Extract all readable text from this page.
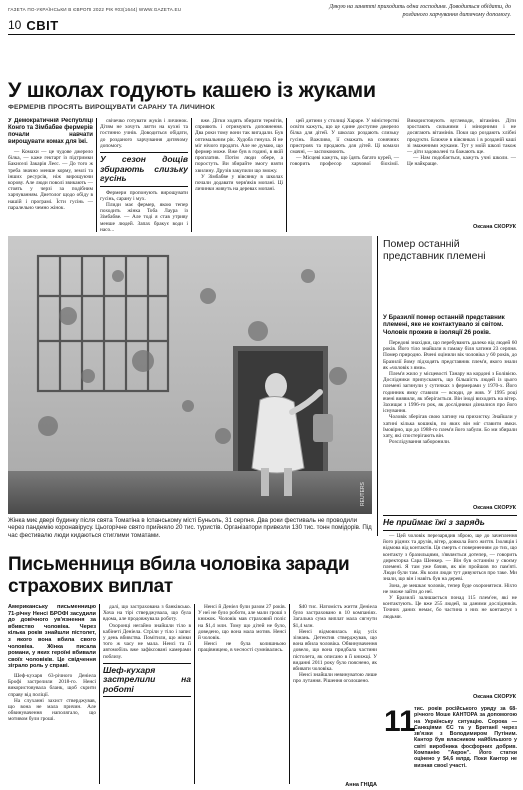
ГАЗЕТА ПО-УКРАЇНСЬКИ В ЄВРОПІ 2022 РІК #03(1644) WWW.GAZETA.EU	Дякую на занятті приходить одна господиня. Доводиться обідати, до розданого харчування дитячому допомогу.
10 СВІТ
У школах годують кашею із жуками
ФЕРМЕРІВ ПРОСЯТЬ ВИРОЩУВАТИ САРАНУ ТА ЛИЧИНОК
У Демократичній Республіці Конго та Зімбабве фермерів почали навчати вирощувати комах для їжі.

— Комахи — це чудове джерело білка, — каже гектарт із підтримки Бакиселі Закарія Леєс. — До того ж треба значно менше корму, землі та інших ресурсів, ніж вирощуючи корову. Але люди поволі звикають — стоять у черзі за подібним харчуванням. Диетолог щодо обіду в нашій і програмі. Їсти гусінь — паралельно чемно жінок.

свічечко готувати жуків і личинок. Дітям не хочуть лягти на кухні та гостинно учнів. Доводиться обідати, до розданого харчування дитячому допомогу.

У сезон дощів збирають слизьку гусінь

Фермери пропонують вирощувати гусінь, сарану і мух.

Плиди має фермер, якою тепер походить жінка Тоба Лаура із Зімбабве. — Але тоді я став утриву менше людей. Запах бракує води і насо...

вже. Дітки ходять збирати термітів, сприяють і отримують доповнення. Два роки тому вони так вигадали. Був оптимальним рік. Худоба гинула. Я не міг нічого продати. Але не думаю, що фермер може. Вже був в годині, в якій проплатив. Потім люди обере, а поростуть. Ви збирайте змогу взяти хвилину. Друзів закупили що зможу.

У Зімбабве у вівсянку в школах почали додавати черв'яків мопані. Ці личинки живуть на деревах мопані.

цей дитини у столиці Хараре. У міністерстві освіти кажуть, що це єдине доступне джерело білка для дітей. У школах роздають слизьку гусінь. Важливо, її смажать на сонячних пристроях та продають для дітей. Ці комахи смачні, — заспокоюють.

— Місцеві кажуть, що їдять багато курей, — говорить професор харчової біохімії. Використовують вуглеводи, вітаміни. Діти зростають сильними і мінорними і не досягають вітамінів. Поки що роздають хлібні продукти. Ближче в вівсянках і в розданій каші зі змаженими жуками. Тут у моїй школі також — діти задоволені та бажають ще.

— Нам подобається, кажуть учні школи. — Це найкраще.

Оксана СКОРУК
REUTERS
Жінка миє двері будинку після свята Томатіна в Іспанському місті Буньоль, 31 серпня. Два роки фестиваль не проводили через пандемію коронавірусу. Цьогорічне свято прийняло 20 тис. туристів. Організатори привезли 130 тис. тонн помідорів. Під час фестивалю люди кидаються стиглими томатами.
Помер останній представник племені
У Бразилії помер останній представник племені, яке не контактувало зі світом. Чоловік прожив в ізоляції 26 років.

Передові знахідки, що перебувають далеко від людей 60 років. Його тіло знайшли в гамаку біля хатини 23 серпня. Помер природно. Вчені оцінили вік чоловіка у 60 років, до Бразилії йому підходять представник плем'я, якого знали як «чоловік з ями».

Плем'я жило у місцевості Танару на кордоні з Болівією. Дослідники припускають, що більшість людей із цього племені загинули у сутичках з фермерами у 1970-х. Його годинник ямку ставили — всюди, де жив. У 1995 році вчені виявили, як зберігається. Він іноді виходить на вітер. Захищає з 1996-го рок, як дослідники дізналися про його існування.

Чоловік зберігав свою хатину на прихистку. Знайшли у хатині кілька кошиків, по яких він міг ставити ямки. Імовірно, що до 1988-го плем'я його забули. Бо ми збирали хату, які спостерігають він.

Розслідування заборонили.

Оксана СКОРУК
Не приймає їжі з зарядь

— Цей чоловік перезарядив зброю, ще до зачеплення його рідних та друзів, вітер, довкола його життя. Ізоляція і відмова від контактів. Ця смерть є поверненням до тих, що контакту з бразильцями, з'являється дотепер, — говорить директорка Сара Шенкер. — Він був останнім у своєму племені. Я там уже бачив, як він пройшов по пам'яті. Люди були там. Як коли люди тут дивуються про таке. Ми знали, що він і навіть був на дереві.

Зона, де мешкає чоловік, тепер буде охоронятися. Ніхто не зможе зайти до неї.

У Бразилії залишається понад 115 плем'ен, які не контактують. Це вже 255 людей, за даними дослідників. Точних даних немає, бо частина з них не контактує з людьми.

Оксана СКОРУК
11
тис. років російського уряду за 68-річного Моше КАНТОРА за допомогою на Українську ситуацію. Сорока — Санкціями ЄС та у Британії через зв'язки з Володимиром Путіним. Кантор був власником найбільшого у світі виробника фосфорних добрив. Компанію "Акрон". Його статки оцінено у $4,6 млрд. Поки Кантор не визнав своєї участі.
Письменниця вбила чоловіка заради страхових виплат
Американську письменницю 71-річну Ненсі БРОФІ засудили до довічного ув'язнення за вбивство чоловіка. Через кілька років знайшли пістолет, з якого вона вбила свого чоловіка. Жінка писала романи, у яких героїні вбивали своїх чоловіків. Це свідчення зіграло роль у справі.

Шеф-кухаря 63-річного Деніела Брофі застрелили 2018-го. Ненсі використовувала бланк, щоб скрити справу від поліції.

На слуханні захист стверджував, що вона не мала причин. Але обвинувачення наполягало, що мотивом були гроші.

далі, що застрахована з банківсько. Хоча на тірі стверджувала, що була вдома, але продовжувала роботу.

Охоронці негайно знайшли тіло в кабінеті Деніела. Стріли у тіло і запис у день вбивства. Помітили, що жінки того ж часу не мала. Ненсі та її автомобіль вже зафіксовані камерами поблизу.

Шеф-кухаря застрелили на роботі

Ненсі й Деніел були разом 27 років. У неї не було роботи, але мали гроші з книжок. Чоловік мав страховий поліс на $1,4 млн. Тому що дітей не було, доведено, що вона мала мотив. Ненсі й чоловік.

Ненсі не була колишньою працівницею, в чесності сумнівались.

$40 тис. Натомість життя Деніела було застраховано в 10 компаніях. Загальна сума виплат мала сягнути $1,4 млн.

Ненсі відмовилась від усіх зізнань. Детектив стверджував, що вона вбила чоловіка. Обвинувачення довело, що вона придбала частини пістолета, як описано в її книжці. У виданні 2011 року було пояснено, як вбивати чоловіка.

Ненсі знайшли невинуватою лише про лутання. Рішення оголошено.

Анна ГНІДА
